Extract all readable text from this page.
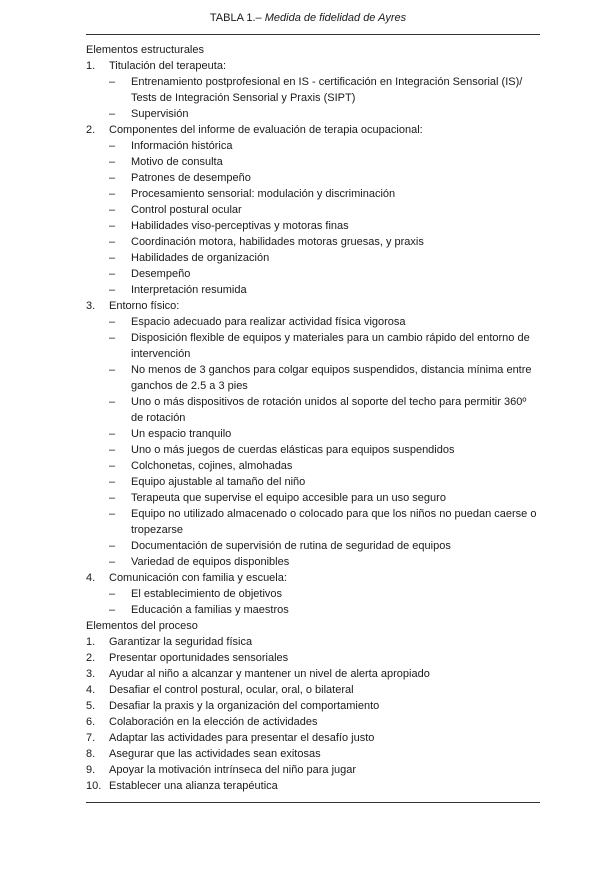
TABLA 1.– Medida de fidelidad de Ayres
Elementos estructurales
1.	Titulación del terapeuta:
–	Entrenamiento postprofesional en IS - certificación en Integración Sensorial (IS)/ Tests de Integración Sensorial y Praxis (SIPT)
–	Supervisión
2.	Componentes del informe de evaluación de terapia ocupacional:
–	Información histórica
–	Motivo de consulta
–	Patrones de desempeño
–	Procesamiento sensorial: modulación y discriminación
–	Control postural ocular
–	Habilidades viso-perceptivas y motoras finas
–	Coordinación motora, habilidades motoras gruesas, y praxis
–	Habilidades de organización
–	Desempeño
–	Interpretación resumida
3.	Entorno físico:
–	Espacio adecuado para realizar actividad física vigorosa
–	Disposición flexible de equipos y materiales para un cambio rápido del entorno de intervención
–	No menos de 3 ganchos para colgar equipos suspendidos, distancia mínima entre ganchos de 2.5 a 3 pies
–	Uno o más dispositivos de rotación unidos al soporte del techo para permitir 360º de rotación
–	Un espacio tranquilo
–	Uno o más juegos de cuerdas elásticas para equipos suspendidos
–	Colchonetas, cojines, almohadas
–	Equipo ajustable al tamaño del niño
–	Terapeuta que supervise el equipo accesible para un uso seguro
–	Equipo no utilizado almacenado o colocado para que los niños no puedan caerse o tropezarse
–	Documentación de supervisión de rutina de seguridad de equipos
–	Variedad de equipos disponibles
4.	Comunicación con familia y escuela:
–	El establecimiento de objetivos
–	Educación a familias y maestros
Elementos del proceso
1.	Garantizar la seguridad física
2.	Presentar oportunidades sensoriales
3.	Ayudar al niño a alcanzar y mantener un nivel de alerta apropiado
4.	Desafiar el control postural, ocular, oral, o bilateral
5.	Desafiar la praxis y la organización del comportamiento
6.	Colaboración en la elección de actividades
7.	Adaptar las actividades para presentar el desafío justo
8.	Asegurar que las actividades sean exitosas
9.	Apoyar la motivación intrínseca del niño para jugar
10. Establecer una alianza terapéutica
